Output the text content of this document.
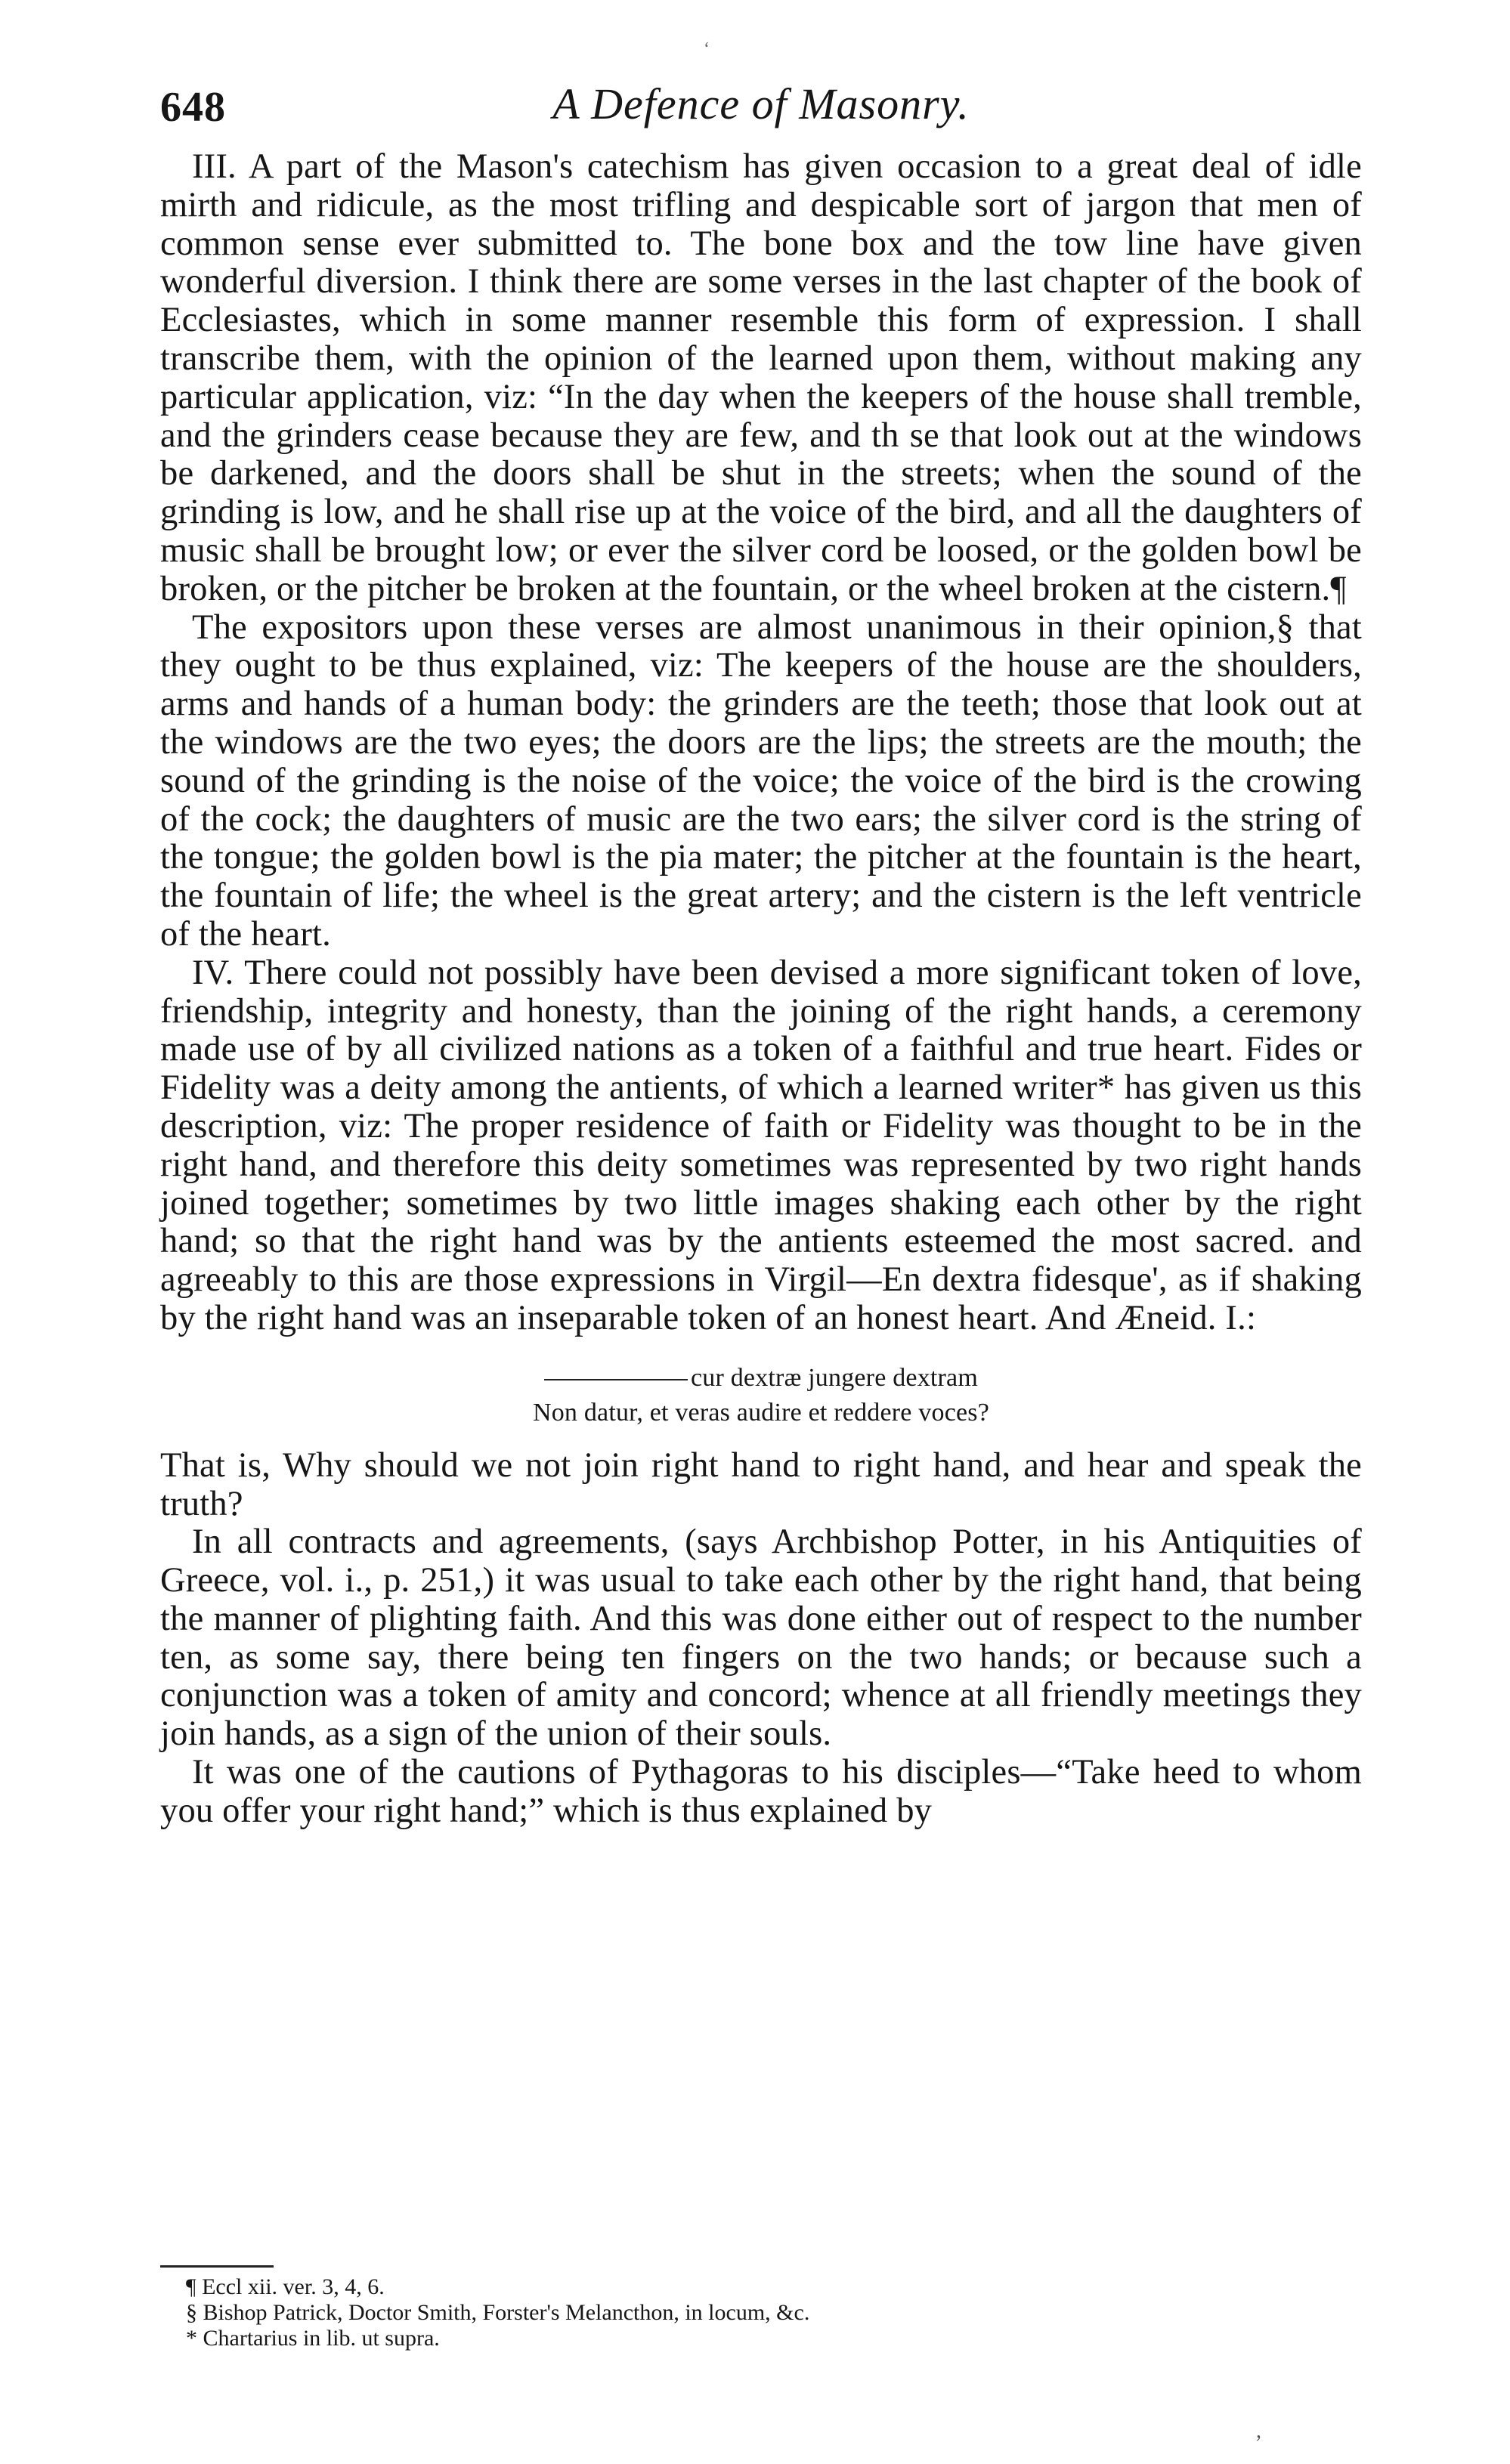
‘
648	A Defence of Masonry.

III. A part of the Mason's catechism has given occasion to a great deal of idle mirth and ridicule, as the most trifling and despicable sort of jargon that men of common sense ever submitted to. The bone box and the tow line have given wonderful diversion. I think there are some verses in the last chapter of the book of Ecclesiastes, which in some manner resemble this form of expression. I shall transcribe them, with the opinion of the learned upon them, without making any particular application, viz: “In the day when the keepers of the house shall tremble, and the grinders cease because they are few, and th se that look out at the windows be darkened, and the doors shall be shut in the streets; when the sound of the grinding is low, and he shall rise up at the voice of the bird, and all the daughters of music shall be brought low; or ever the silver cord be loosed, or the golden bowl be broken, or the pitcher be broken at the fountain, or the wheel broken at the cistern.¶

The expositors upon these verses are almost unanimous in their opinion,§ that they ought to be thus explained, viz: The keepers of the house are the shoulders, arms and hands of a human body: the grinders are the teeth; those that look out at the windows are the two eyes; the doors are the lips; the streets are the mouth; the sound of the grinding is the noise of the voice; the voice of the bird is the crowing of the cock; the daughters of music are the two ears; the silver cord is the string of the tongue; the golden bowl is the pia mater; the pitcher at the fountain is the heart, the fountain of life; the wheel is the great artery; and the cistern is the left ventricle of the heart.

IV. There could not possibly have been devised a more significant token of love, friendship, integrity and honesty, than the joining of the right hands, a ceremony made use of by all civilized nations as a token of a faithful and true heart. Fides or Fidelity was a deity among the antients, of which a learned writer* has given us this description, viz: The proper residence of faith or Fidelity was thought to be in the right hand, and therefore this deity sometimes was represented by two right hands joined together; sometimes by two little images shaking each other by the right hand; so that the right hand was by the antients esteemed the most sacred. and agreeably to this are those expressions in Virgil—En dextra fidesque', as if shaking by the right hand was an inseparable token of an honest heart. And Æneid. I.:

cur dextræ jungere dextram
Non datur, et veras audire et reddere voces?

That is, Why should we not join right hand to right hand, and hear and speak the truth?

In all contracts and agreements, (says Archbishop Potter, in his Antiquities of Greece, vol. i., p. 251,) it was usual to take each other by the right hand, that being the manner of plighting faith. And this was done either out of respect to the number ten, as some say, there being ten fingers on the two hands; or because such a conjunction was a token of amity and concord; whence at all friendly meetings they join hands, as a sign of the union of their souls.

It was one of the cautions of Pythagoras to his disciples—“Take heed to whom you offer your right hand;” which is thus explained by

¶ Eccl xii. ver. 3, 4, 6.
§ Bishop Patrick, Doctor Smith, Forster's Melancthon, in locum, &c.
* Chartarius in lib. ut supra.
,
